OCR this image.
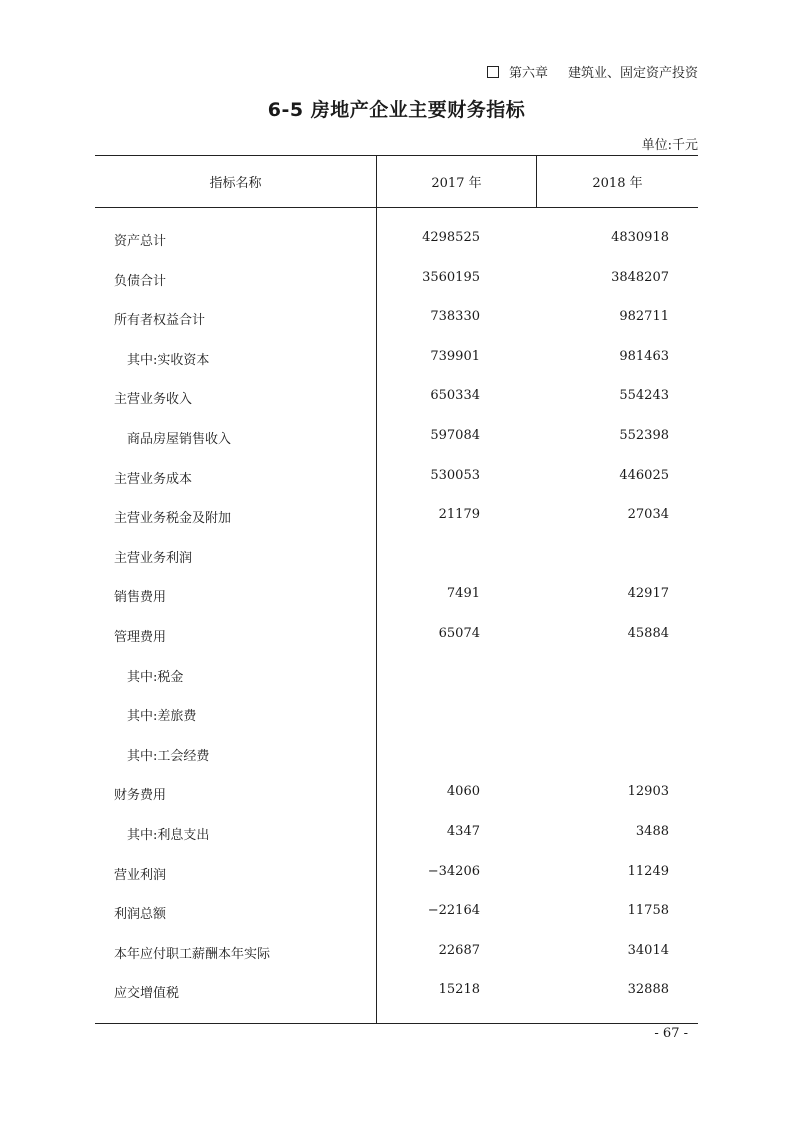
第六章 建筑业、固定资产投资
6-5 房地产企业主要财务指标
单位:千元
指标名称	2017 年	2018 年
资产总计	4298525	4830918
负债合计	3560195	3848207
所有者权益合计	738330	982711
其中:实收资本	739901	981463
主营业务收入	650334	554243
商品房屋销售收入	597084	552398
主营业务成本	530053	446025
主营业务税金及附加	21179	27034
主营业务利润
销售费用	7491	42917
管理费用	65074	45884
其中:税金
其中:差旅费
其中:工会经费
财务费用	4060	12903
其中:利息支出	4347	3488
营业利润	−34206	11249
利润总额	−22164	11758
本年应付职工薪酬本年实际	22687	34014
应交增值税	15218	32888
- 67 -
